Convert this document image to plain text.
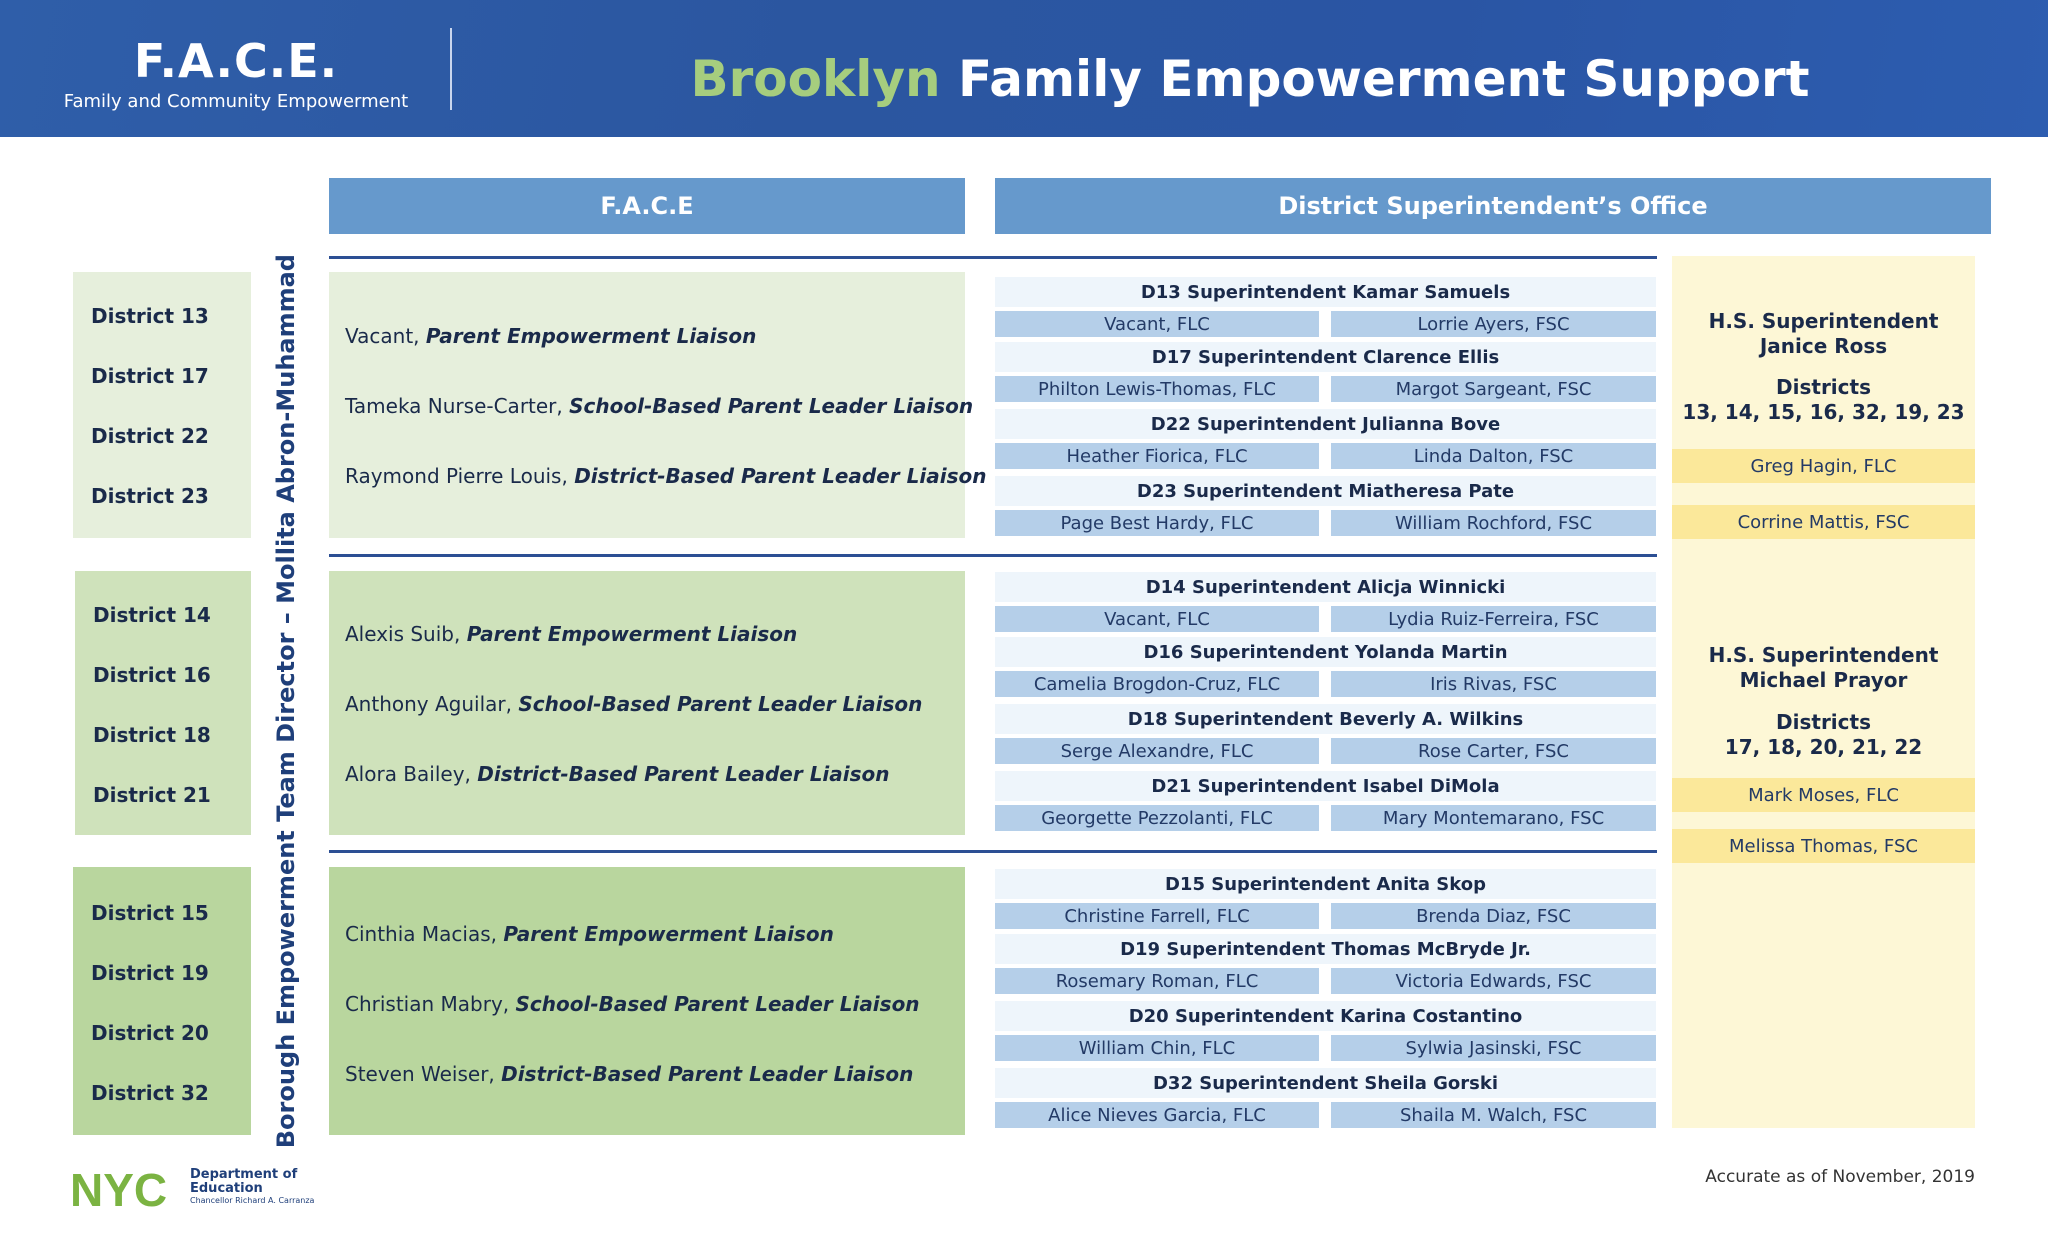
F.A.C.E.
Family and Community Empowerment	Brooklyn Family Empowerment Support
F.A.C.E	District Superintendent’s Office
Borough Empowerment Team Director – Mollita Abron-Muhammad
District 13
District 17
District 22
District 23
Vacant, Parent Empowerment Liaison
Tameka Nurse-Carter, School-Based Parent Leader Liaison
Raymond Pierre Louis, District-Based Parent Leader Liaison
D13 Superintendent Kamar Samuels
Vacant, FLC	Lorrie Ayers, FSC
D17 Superintendent Clarence Ellis
Philton Lewis-Thomas, FLC	Margot Sargeant, FSC
D22 Superintendent Julianna Bove
Heather Fiorica, FLC	Linda Dalton, FSC
D23 Superintendent Miatheresa Pate
Page Best Hardy, FLC	William Rochford, FSC
District 14
District 16
District 18
District 21
Alexis Suib, Parent Empowerment Liaison
Anthony Aguilar, School-Based Parent Leader Liaison
Alora Bailey, District-Based Parent Leader Liaison
D14 Superintendent Alicja Winnicki
Vacant, FLC	Lydia Ruiz-Ferreira, FSC
D16 Superintendent Yolanda Martin
Camelia Brogdon-Cruz, FLC	Iris Rivas, FSC
D18 Superintendent Beverly A. Wilkins
Serge Alexandre, FLC	Rose Carter, FSC
D21 Superintendent Isabel DiMola
Georgette Pezzolanti, FLC	Mary Montemarano, FSC
District 15
District 19
District 20
District 32
Cinthia Macias, Parent Empowerment Liaison
Christian Mabry, School-Based Parent Leader Liaison
Steven Weiser, District-Based Parent Leader Liaison
D15 Superintendent Anita Skop
Christine Farrell, FLC	Brenda Diaz, FSC
D19 Superintendent Thomas McBryde Jr.
Rosemary Roman, FLC	Victoria Edwards, FSC
D20 Superintendent Karina Costantino
William Chin, FLC	Sylwia Jasinski, FSC
D32 Superintendent Sheila Gorski
Alice Nieves Garcia, FLC	Shaila M. Walch, FSC
H.S. Superintendent
Janice Ross
Districts
13, 14, 15, 16, 32, 19, 23
Greg Hagin, FLC
Corrine Mattis, FSC
H.S. Superintendent
Michael Prayor
Districts
17, 18, 20, 21, 22
Mark Moses, FLC
Melissa Thomas, FSC
NYC Department of Education
Chancellor Richard A. Carranza
Accurate as of November, 2019
